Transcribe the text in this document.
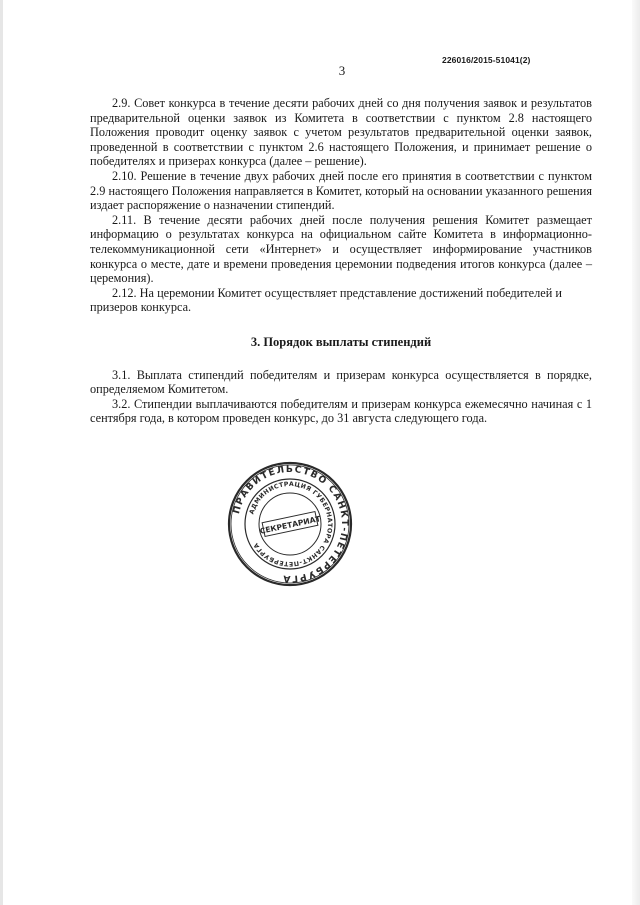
226016/2015-51041(2)
3

2.9. Совет конкурса в течение десяти рабочих дней со дня получения заявок и результатов предварительной оценки заявок из Комитета в соответствии с пунктом 2.8 настоящего Положения проводит оценку заявок с учетом результатов предварительной оценки заявок, проведенной в соответствии с пунктом 2.6 настоящего Положения, и принимает решение о победителях и призерах конкурса (далее – решение).

2.10. Решение в течение двух рабочих дней после его принятия в соответствии с пунктом 2.9 настоящего Положения направляется в Комитет, который на основании указанного решения издает распоряжение о назначении стипендий.

2.11. В течение десяти рабочих дней после получения решения Комитет размещает информацию о результатах конкурса на официальном сайте Комитета в информационно-телекоммуникационной сети «Интернет» и осуществляет информирование участников конкурса о месте, дате и времени проведения церемонии подведения итогов конкурса (далее – церемония).

2.12. На церемонии Комитет осуществляет представление достижений победителей и призеров конкурса.

3. Порядок выплаты стипендий

3.1. Выплата стипендий победителям и призерам конкурса осуществляется в порядке, определяемом Комитетом.

3.2. Стипендии выплачиваются победителям и призерам конкурса ежемесячно начиная с 1 сентября года, в котором проведен конкурс, до 31 августа следующего года.

ПРАВИТЕЛЬСТВО САНКТ-ПЕТЕРБУРГА
АДМИНИСТРАЦИЯ ГУБЕРНАТОРА САНКТ-ПЕТЕРБУРГА
СЕКРЕТАРИАТ
